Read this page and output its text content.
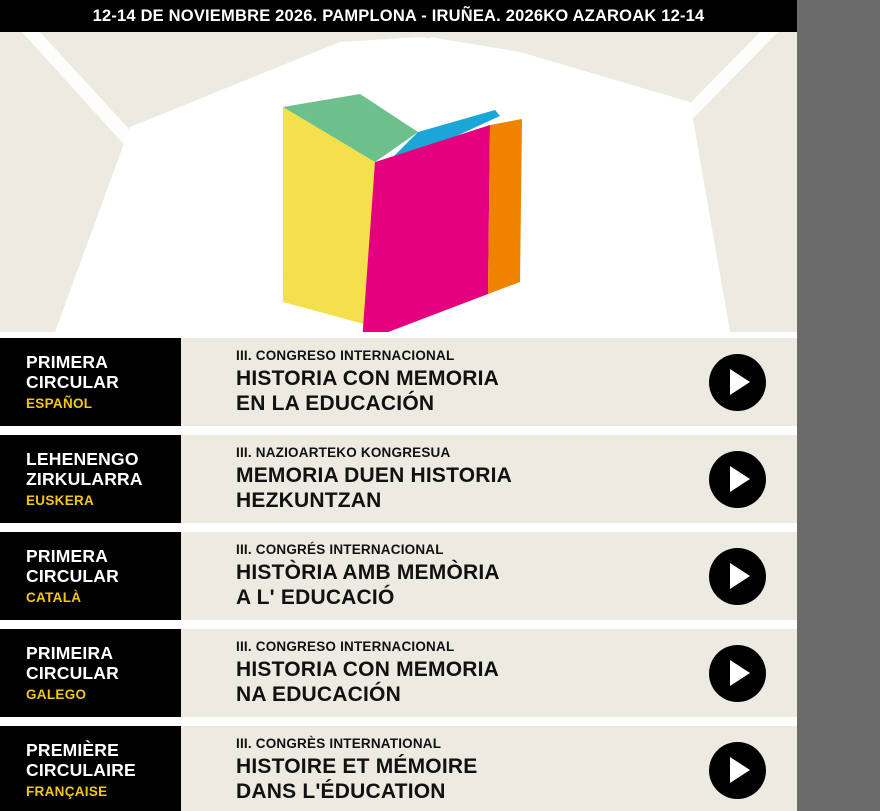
12-14 DE NOVIEMBRE 2026. PAMPLONA - IRUÑEA. 2026KO AZAROAK 12-14
PRIMERA
CIRCULAR
ESPAÑOL
III. CONGRESO INTERNACIONAL
HISTORIA CON MEMORIA
EN LA EDUCACIÓN
LEHENENGO
ZIRKULARRA
EUSKERA
III. NAZIOARTEKO KONGRESUA
MEMORIA DUEN HISTORIA
HEZKUNTZAN
PRIMERA
CIRCULAR
CATALÀ
III. CONGRÉS INTERNACIONAL
HISTÒRIA AMB MEMÒRIA
A L' EDUCACIÓ
PRIMEIRA
CIRCULAR
GALEGO
III. CONGRESO INTERNACIONAL
HISTORIA CON MEMORIA
NA EDUCACIÓN
PREMIÈRE
CIRCULAIRE
FRANÇAISE
III. CONGRÈS INTERNATIONAL
HISTOIRE ET MÉMOIRE
DANS L'ÉDUCATION
